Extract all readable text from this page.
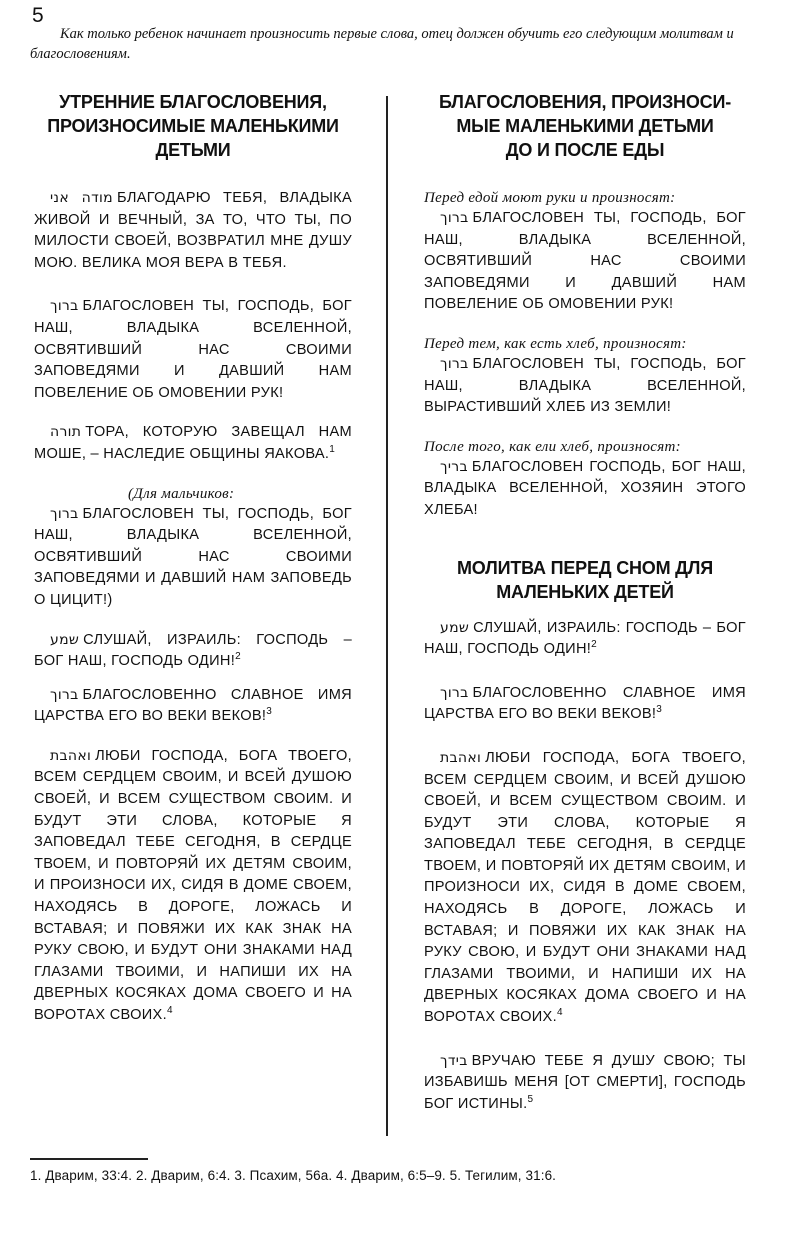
5

Как только ребенок начинает произносить первые слова, отец должен обучить его следующим молитвам и благословениям.

УТРЕННИЕ БЛАГОСЛОВЕНИЯ,
ПРОИЗНОСИМЫЕ МАЛЕНЬКИМИ
ДЕТЬМИ

מודה אני БЛАГОДАРЮ ТЕБЯ, ВЛАДЫКА ЖИВОЙ И ВЕЧНЫЙ, ЗА ТО, ЧТО ТЫ, ПО МИЛОСТИ СВОЕЙ, ВОЗВРАТИЛ МНЕ ДУШУ МОЮ. ВЕЛИКА МОЯ ВЕРА В ТЕБЯ.

ברוך БЛАГОСЛОВЕН ТЫ, ГОСПОДЬ, БОГ НАШ, ВЛАДЫКА ВСЕЛЕННОЙ, ОСВЯТИВШИЙ НАС СВОИМИ ЗАПОВЕДЯМИ И ДАВШИЙ НАМ ПОВЕЛЕНИЕ ОБ ОМОВЕНИИ РУК!

תורה ТОРА, КОТОРУЮ ЗАВЕЩАЛ НАМ МОШЕ, – НАСЛЕДИЕ ОБЩИНЫ ЯАКОВА.$^1$

(Для мальчиков:

ברוך БЛАГОСЛОВЕН ТЫ, ГОСПОДЬ, БОГ НАШ, ВЛАДЫКА ВСЕЛЕННОЙ, ОСВЯТИВШИЙ НАС СВОИМИ ЗАПОВЕДЯМИ И ДАВШИЙ НАМ ЗАПОВЕДЬ О ЦИЦИТ!)

שמע СЛУШАЙ, ИЗРАИЛЬ: ГОСПОДЬ – БОГ НАШ, ГОСПОДЬ ОДИН!$^2$

ברוך БЛАГОСЛОВЕННО СЛАВНОЕ ИМЯ ЦАРСТВА ЕГО ВО ВЕКИ ВЕКОВ!$^3$

ואהבת ЛЮБИ ГОСПОДА, БОГА ТВОЕГО, ВСЕМ СЕРДЦЕМ СВОИМ, И ВСЕЙ ДУШОЮ СВОЕЙ, И ВСЕМ СУЩЕСТВОМ СВОИМ. И БУДУТ ЭТИ СЛОВА, КОТОРЫЕ Я ЗАПОВЕДАЛ ТЕБЕ СЕГОДНЯ, В СЕРДЦЕ ТВОЕМ, И ПОВТОРЯЙ ИХ ДЕТЯМ СВОИМ, И ПРОИЗНОСИ ИХ, СИДЯ В ДОМЕ СВОЕМ, НАХОДЯСЬ В ДОРОГЕ, ЛОЖАСЬ И ВСТАВАЯ; И ПОВЯЖИ ИХ КАК ЗНАК НА РУКУ СВОЮ, И БУДУТ ОНИ ЗНАКАМИ НАД ГЛАЗАМИ ТВОИМИ, И НАПИШИ ИХ НА ДВЕРНЫХ КОСЯКАХ ДОМА СВОЕГО И НА ВОРОТАХ СВОИХ.$^4$

БЛАГОСЛОВЕНИЯ, ПРОИЗНОСИ-
МЫЕ МАЛЕНЬКИМИ ДЕТЬМИ
ДО И ПОСЛЕ ЕДЫ

Перед едой моют руки и произносят:

ברוך БЛАГОСЛОВЕН ТЫ, ГОСПОДЬ, БОГ НАШ, ВЛАДЫКА ВСЕЛЕННОЙ, ОСВЯТИВШИЙ НАС СВОИМИ ЗАПОВЕДЯМИ И ДАВШИЙ НАМ ПОВЕЛЕНИЕ ОБ ОМОВЕНИИ РУК!

Перед тем, как есть хлеб, произносят:

ברוך БЛАГОСЛОВЕН ТЫ, ГОСПОДЬ, БОГ НАШ, ВЛАДЫКА ВСЕЛЕННОЙ, ВЫРАСТИВШИЙ ХЛЕБ ИЗ ЗЕМЛИ!

После того, как ели хлеб, произносят:

בריך БЛАГОСЛОВЕН ГОСПОДЬ, БОГ НАШ, ВЛАДЫКА ВСЕЛЕННОЙ, ХОЗЯИН ЭТОГО ХЛЕБА!

МОЛИТВА ПЕРЕД СНОМ ДЛЯ
МАЛЕНЬКИХ ДЕТЕЙ

שמע СЛУШАЙ, ИЗРАИЛЬ: ГОСПОДЬ – БОГ НАШ, ГОСПОДЬ ОДИН!$^2$

ברוך БЛАГОСЛОВЕННО СЛАВНОЕ ИМЯ ЦАРСТВА ЕГО ВО ВЕКИ ВЕКОВ!$^3$

ואהבת ЛЮБИ ГОСПОДА, БОГА ТВОЕГО, ВСЕМ СЕРДЦЕМ СВОИМ, И ВСЕЙ ДУШОЮ СВОЕЙ, И ВСЕМ СУЩЕСТВОМ СВОИМ. И БУДУТ ЭТИ СЛОВА, КОТОРЫЕ Я ЗАПОВЕДАЛ ТЕБЕ СЕГОДНЯ, В СЕРДЦЕ ТВОЕМ, И ПОВТОРЯЙ ИХ ДЕТЯМ СВОИМ, И ПРОИЗНОСИ ИХ, СИДЯ В ДОМЕ СВОЕМ, НАХОДЯСЬ В ДОРОГЕ, ЛОЖАСЬ И ВСТАВАЯ; И ПОВЯЖИ ИХ КАК ЗНАК НА РУКУ СВОЮ, И БУДУТ ОНИ ЗНАКАМИ НАД ГЛАЗАМИ ТВОИМИ, И НАПИШИ ИХ НА ДВЕРНЫХ КОСЯКАХ ДОМА СВОЕГО И НА ВОРОТАХ СВОИХ.$^4$

בידך ВРУЧАЮ ТЕБЕ Я ДУШУ СВОЮ; ТЫ ИЗБАВИШЬ МЕНЯ [ОТ СМЕРТИ], ГОСПОДЬ БОГ ИСТИНЫ.$^5$

1. Дварим, 33:4. 2. Дварим, 6:4. 3. Псахим, 56а. 4. Дварим, 6:5–9. 5. Тегилим, 31:6.
